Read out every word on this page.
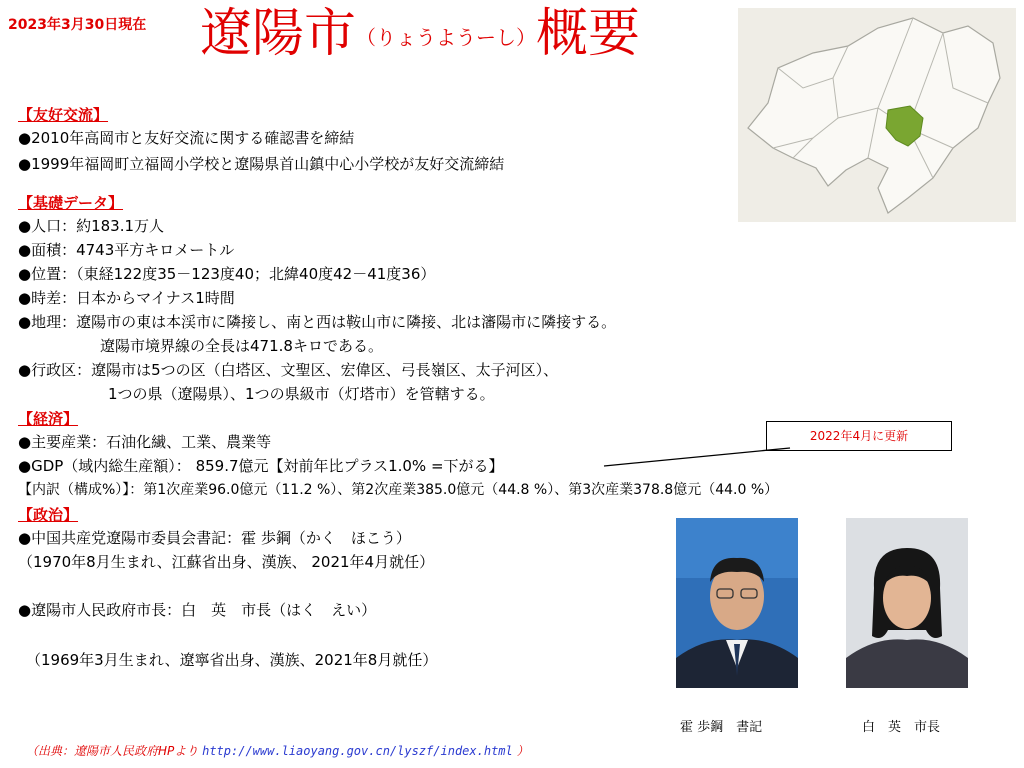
2023年3月30日現在 遼陽市（りょうようーし）概要
【友好交流】
●2010年高岡市と友好交流に関する確認書を締結
●1999年福岡町立福岡小学校と遼陽県首山鎮中心小学校が友好交流締結
【基礎データ】
●人口：約183.1万人
●面積：4743平方キロメートル
●位置：（東経122度35－123度40；北緯40度42－41度36）
●時差：日本からマイナス1時間
●地理：遼陽市の東は本渓市に隣接し、南と西は鞍山市に隣接、北は瀋陽市に隣接する。
遼陽市境界線の全長は471.8キロである。
●行政区：遼陽市は5つの区（白塔区、文聖区、宏偉区、弓長嶺区、太子河区）、
1つの県（遼陽県）、1つの県級市（灯塔市）を管轄する。
【経済】
●主要産業：石油化繊、工業、農業等
●GDP（域内総生産額）： 859.7億元【対前年比プラス1.0% =下がる】
【内訳（構成%）】：第1次産業96.0億元（11.2 %）、第2次産業385.0億元（44.8 %）、第3次産業378.8億元（44.0 %）
2022年4月に更新
【政治】
●中国共産党遼陽市委員会書記：霍 歩鋼（かく　ほこう）
（1970年8月生まれ、江蘇省出身、漢族、 2021年4月就任）
●遼陽市人民政府市長：白　英　市長（はく　えい）
（1969年3月生まれ、遼寧省出身、漢族、2021年8月就任）
霍 歩鋼　書記	白　英　市長
（出典：遼陽市人民政府HPより http://www.liaoyang.gov.cn/lyszf/index.html ）
